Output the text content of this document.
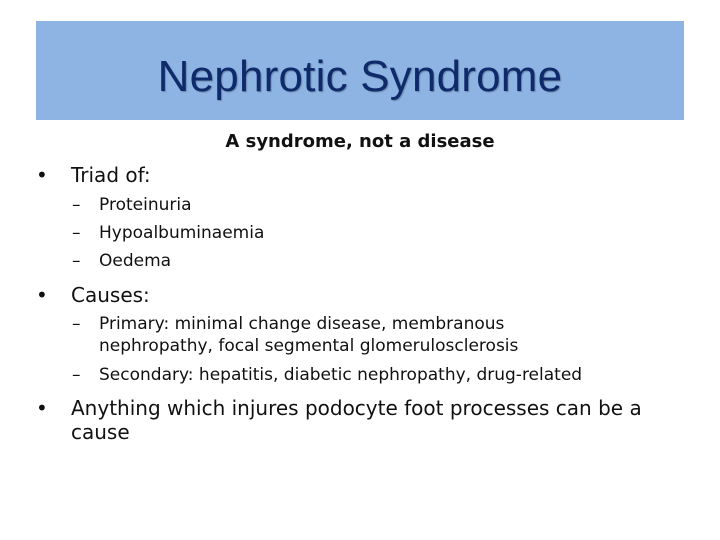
Nephrotic Syndrome
A syndrome, not a disease
•	Triad of:
–	Proteinuria
–	Hypoalbuminaemia
–	Oedema
•	Causes:
–	Primary: minimal change disease, membranous nephropathy, focal segmental glomerulosclerosis
–	Secondary: hepatitis, diabetic nephropathy, drug-related
•	Anything which injures podocyte foot processes can be a cause
